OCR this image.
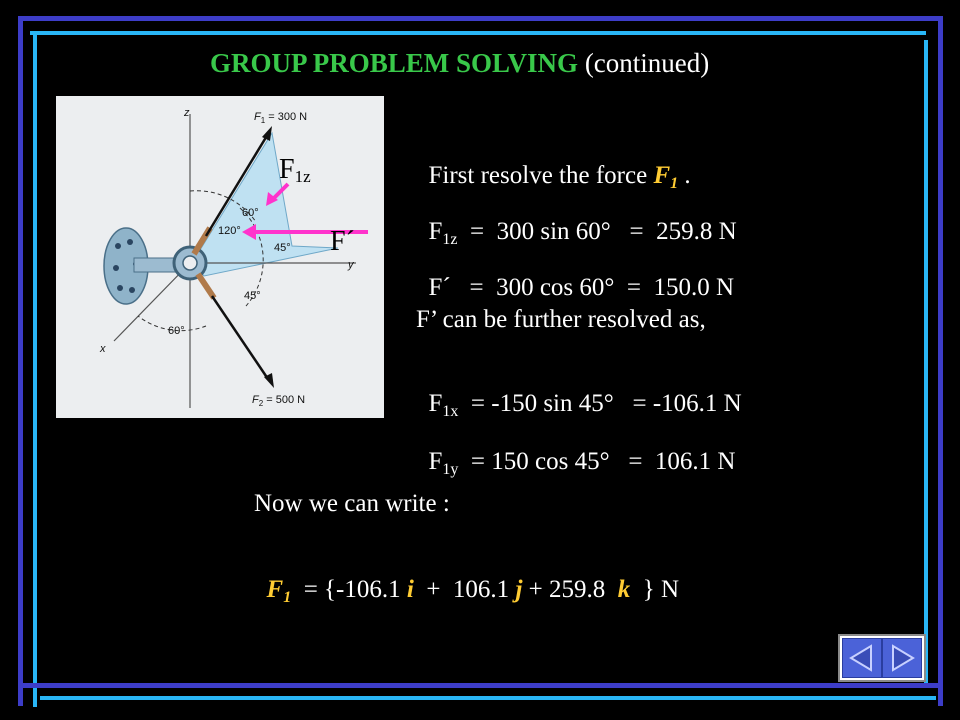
GROUP PROBLEM SOLVING (continued)
$F_1 = 300$ N
$F_2 = 500$ N
z
y
x
60°
120°
45°
45°
60°
$F_{1z}$
F´

First resolve the force $F_1$ .

$F_{1z} = 300$ sin 60°   =  259.8 N

F´   =  300 cos 60°  =  150.0 N

F’ can be further resolved as,

$F_{1x} = -150$ sin 45°   = -106.1 N

$F_{1y} = 150$ cos 45°   =  106.1 N

Now we can write :

$F_1 = \{-106.1$ i  +  106.1 j + 259.8  k  } N
